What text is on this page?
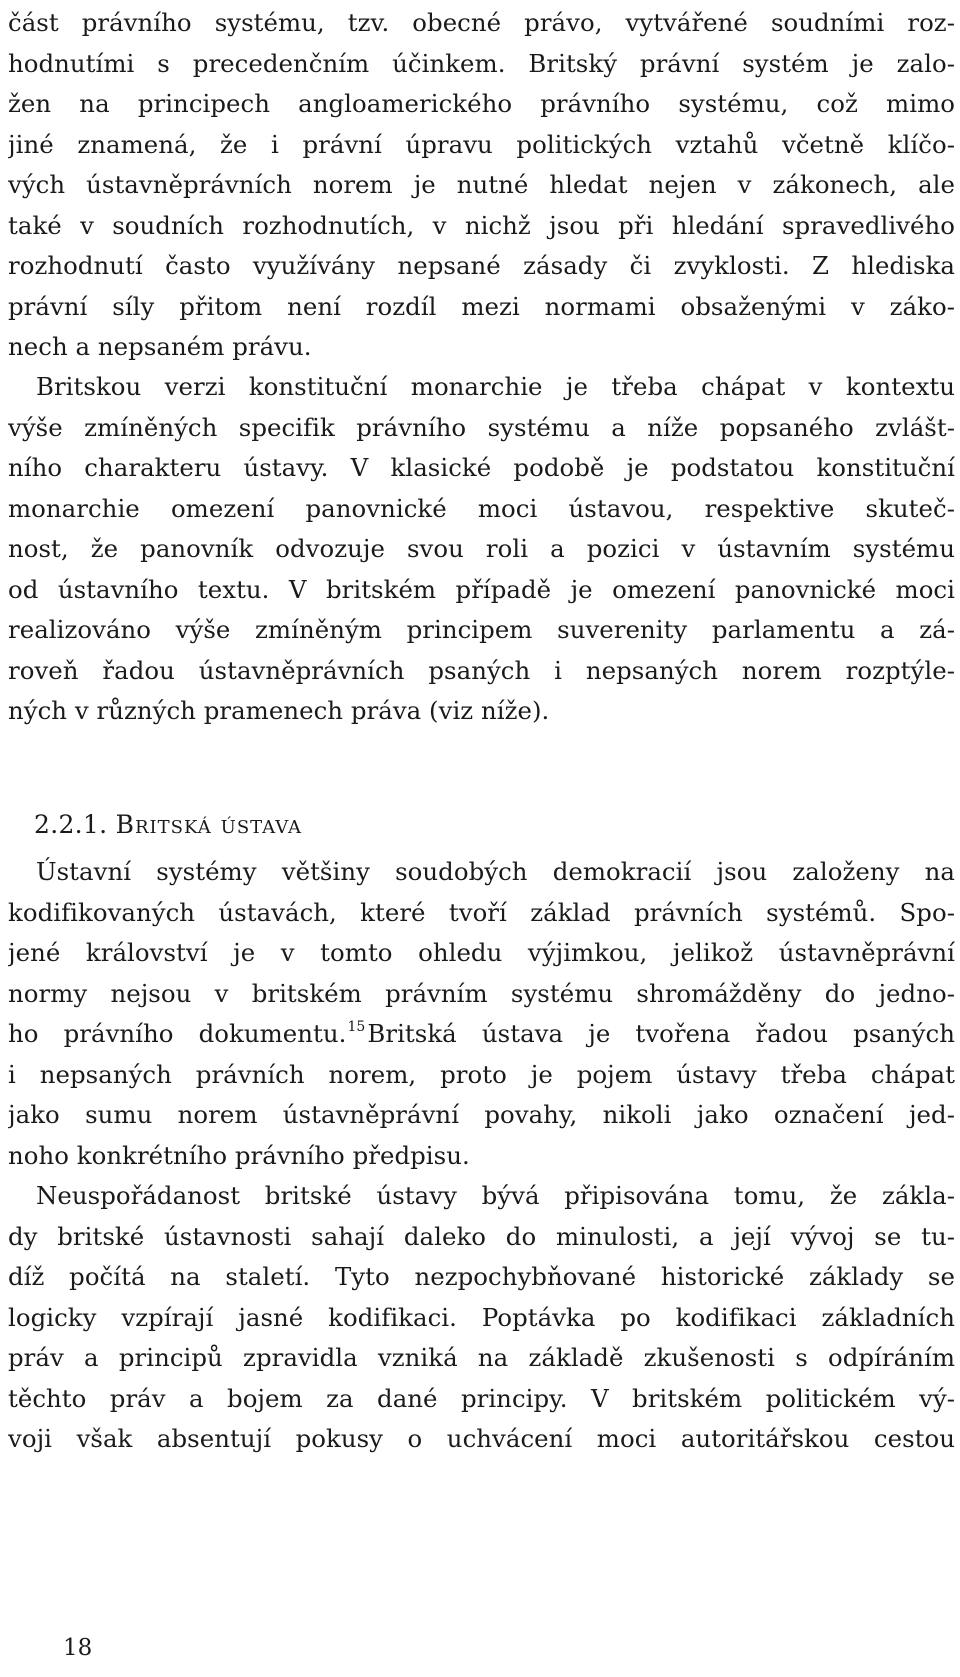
část právního systému, tzv. obecné právo, vytvářené soudními roz-
hodnutími s precedenčním účinkem. Britský právní systém je zalo-
žen na principech angloamerického právního systému, což mimo
jiné znamená, že i právní úpravu politických vztahů včetně klíčo-
vých ústavněprávních norem je nutné hledat nejen v zákonech, ale
také v soudních rozhodnutích, v nichž jsou při hledání spravedlivého
rozhodnutí často využívány nepsané zásady či zvyklosti. Z hlediska
právní síly přitom není rozdíl mezi normami obsaženými v záko-
nech a nepsaném právu.
Britskou verzi konstituční monarchie je třeba chápat v kontextu
výše zmíněných specifik právního systému a níže popsaného zvlášt-
ního charakteru ústavy. V klasické podobě je podstatou konstituční
monarchie omezení panovnické moci ústavou, respektive skuteč-
nost, že panovník odvozuje svou roli a pozici v ústavním systému
od ústavního textu. V britském případě je omezení panovnické moci
realizováno výše zmíněným principem suverenity parlamentu a zá-
roveň řadou ústavněprávních psaných i nepsaných norem rozptýle-
ných v různých pramenech práva (viz níže).
2.2.1. Britská ústava
Ústavní systémy většiny soudobých demokracií jsou založeny na
kodifikovaných ústavách, které tvoří základ právních systémů. Spo-
jené království je v tomto ohledu výjimkou, jelikož ústavněprávní
normy nejsou v britském právním systému shromážděny do jedno-
ho právního dokumentu.$^{15}$Britská ústava je tvořena řadou psaných
i nepsaných právních norem, proto je pojem ústavy třeba chápat
jako sumu norem ústavněprávní povahy, nikoli jako označení jed-
noho konkrétního právního předpisu.
Neuspořádanost britské ústavy bývá připisována tomu, že zákla-
dy britské ústavnosti sahají daleko do minulosti, a její vývoj se tu-
díž počítá na staletí. Tyto nezpochybňované historické základy se
logicky vzpírají jasné kodifikaci. Poptávka po kodifikaci základních
práv a principů zpravidla vzniká na základě zkušenosti s odpíráním
těchto práv a bojem za dané principy. V britském politickém vý-
voji však absentují pokusy o uchvácení moci autoritářskou cestou
18
